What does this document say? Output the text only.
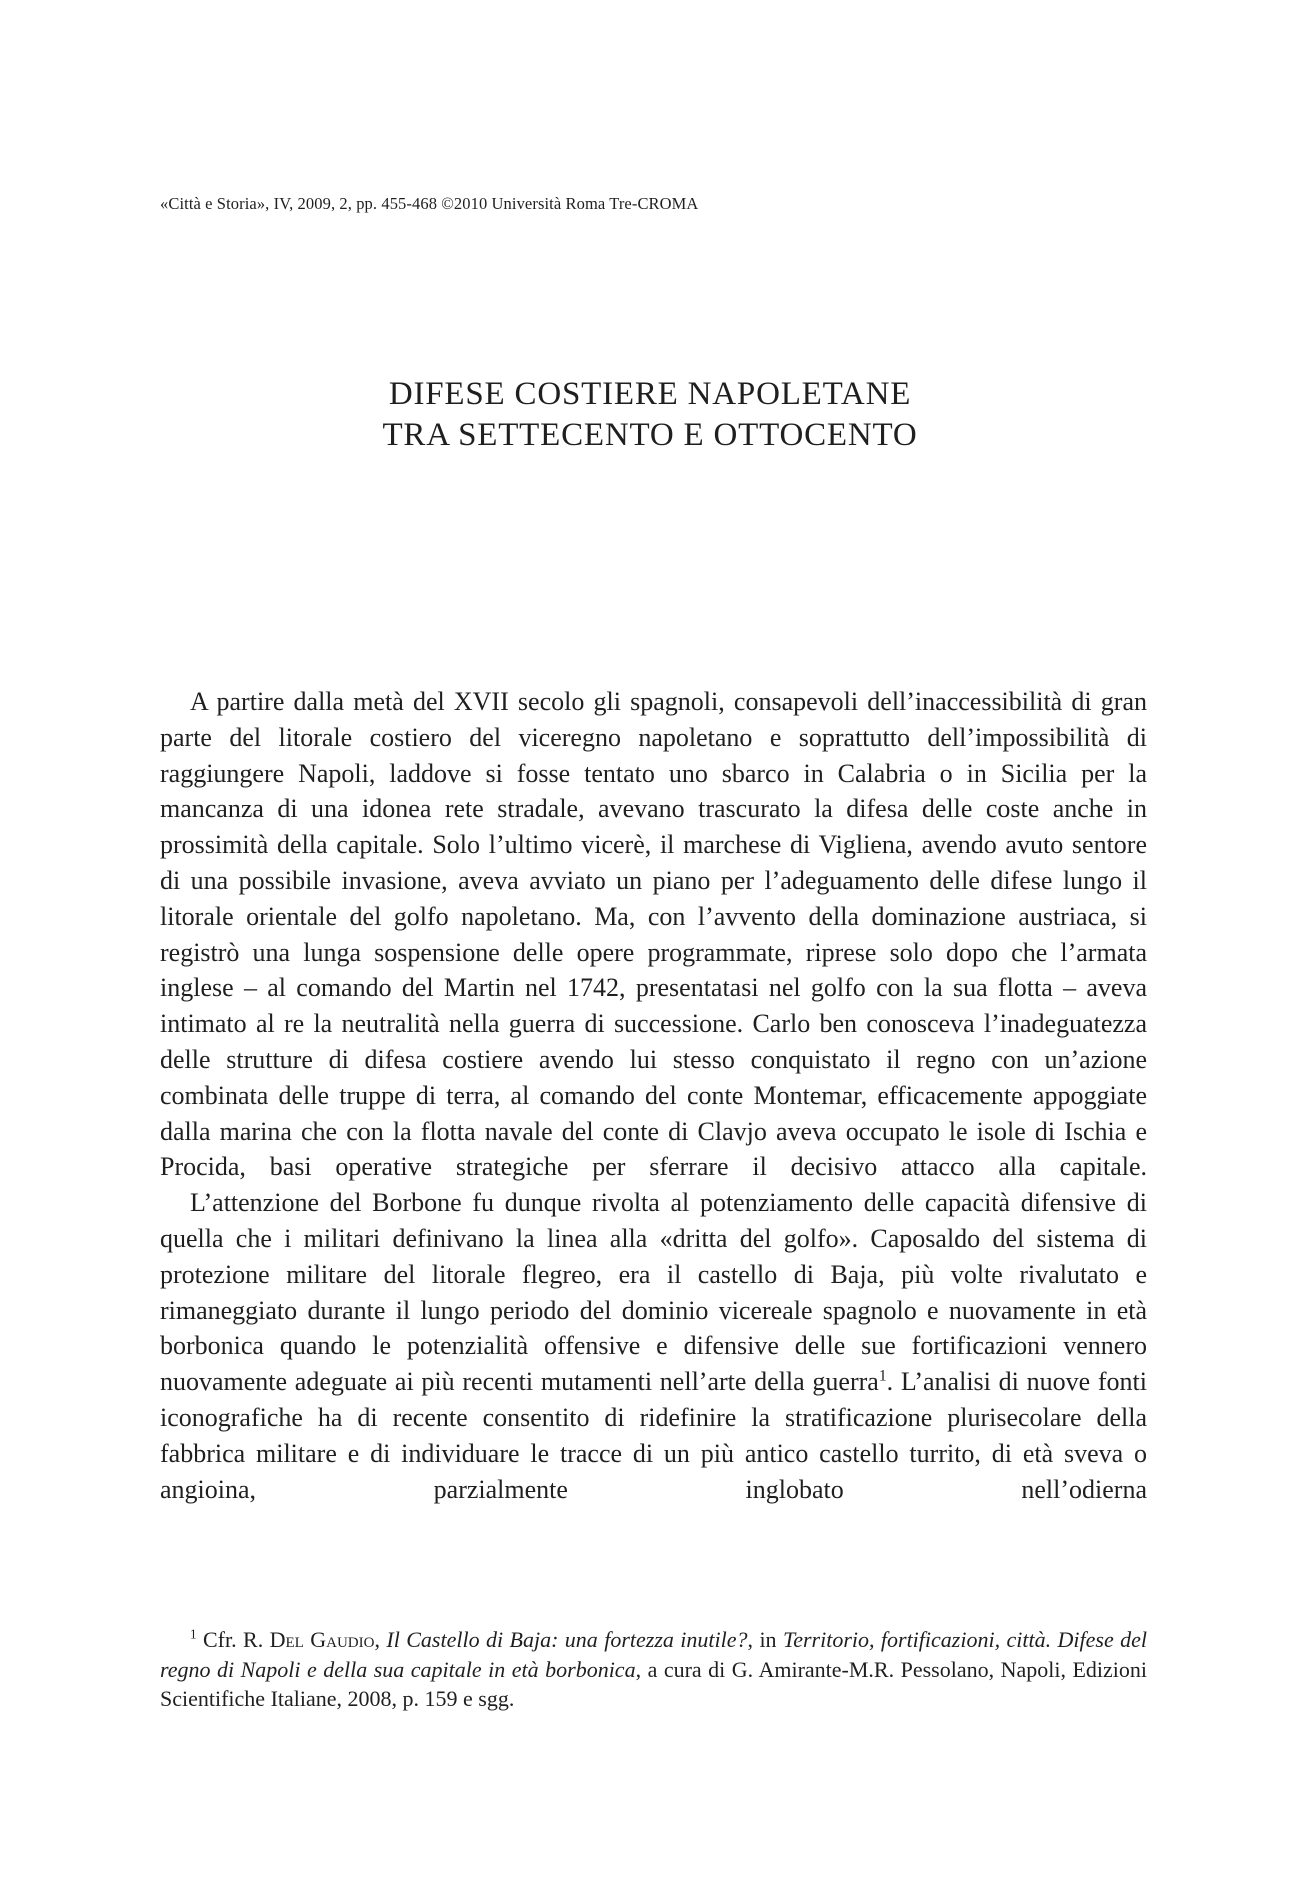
«Città e Storia», IV, 2009, 2, pp. 455-468 ©2010 Università Roma Tre-CROMA
DIFESE COSTIERE NAPOLETANE
TRA SETTECENTO E OTTOCENTO

A partire dalla metà del XVII secolo gli spagnoli, consapevoli dell’inaccessibilità di gran parte del litorale costiero del viceregno napoletano e soprattutto dell’impossibilità di raggiungere Napoli, laddove si fosse tentato uno sbarco in Calabria o in Sicilia per la mancanza di una idonea rete stradale, avevano trascurato la difesa delle coste anche in prossimità della capitale. Solo l’ultimo vicerè, il marchese di Vigliena, avendo avuto sentore di una possibile invasione, aveva avviato un piano per l’adeguamento delle difese lungo il litorale orientale del golfo napoletano. Ma, con l’avvento della dominazione austriaca, si registrò una lunga sospensione delle opere programmate, riprese solo dopo che l’armata inglese – al comando del Martin nel 1742, presentatasi nel golfo con la sua flotta – aveva intimato al re la neutralità nella guerra di successione. Carlo ben conosceva l’inadeguatezza delle strutture di difesa costiere avendo lui stesso conquistato il regno con un’azione combinata delle truppe di terra, al comando del conte Montemar, efficacemente appoggiate dalla marina che con la flotta navale del conte di Clavjo aveva occupato le isole di Ischia e Procida, basi operative strategiche per sferrare il decisivo attacco alla capitale.

L’attenzione del Borbone fu dunque rivolta al potenziamento delle capacità difensive di quella che i militari definivano la linea alla «dritta del golfo». Caposaldo del sistema di protezione militare del litorale flegreo, era il castello di Baja, più volte rivalutato e rimaneggiato durante il lungo periodo del dominio vicereale spagnolo e nuovamente in età borbonica quando le potenzialità offensive e difensive delle sue fortificazioni vennero nuovamente adeguate ai più recenti mutamenti nell’arte della guerra$^1$. L’analisi di nuove fonti iconografiche ha di recente consentito di ridefinire la stratificazione plurisecolare della fabbrica militare e di individuare le tracce di un più antico castello turrito, di età sveva o angioina, parzialmente inglobato nell’odierna

$^1$ Cfr. R. Del Gaudio, Il Castello di Baja: una fortezza inutile?, in Territorio, fortificazioni, città. Difese del regno di Napoli e della sua capitale in età borbonica, a cura di G. Amirante-M.R. Pessolano, Napoli, Edizioni Scientifiche Italiane, 2008, p. 159 e sgg.
